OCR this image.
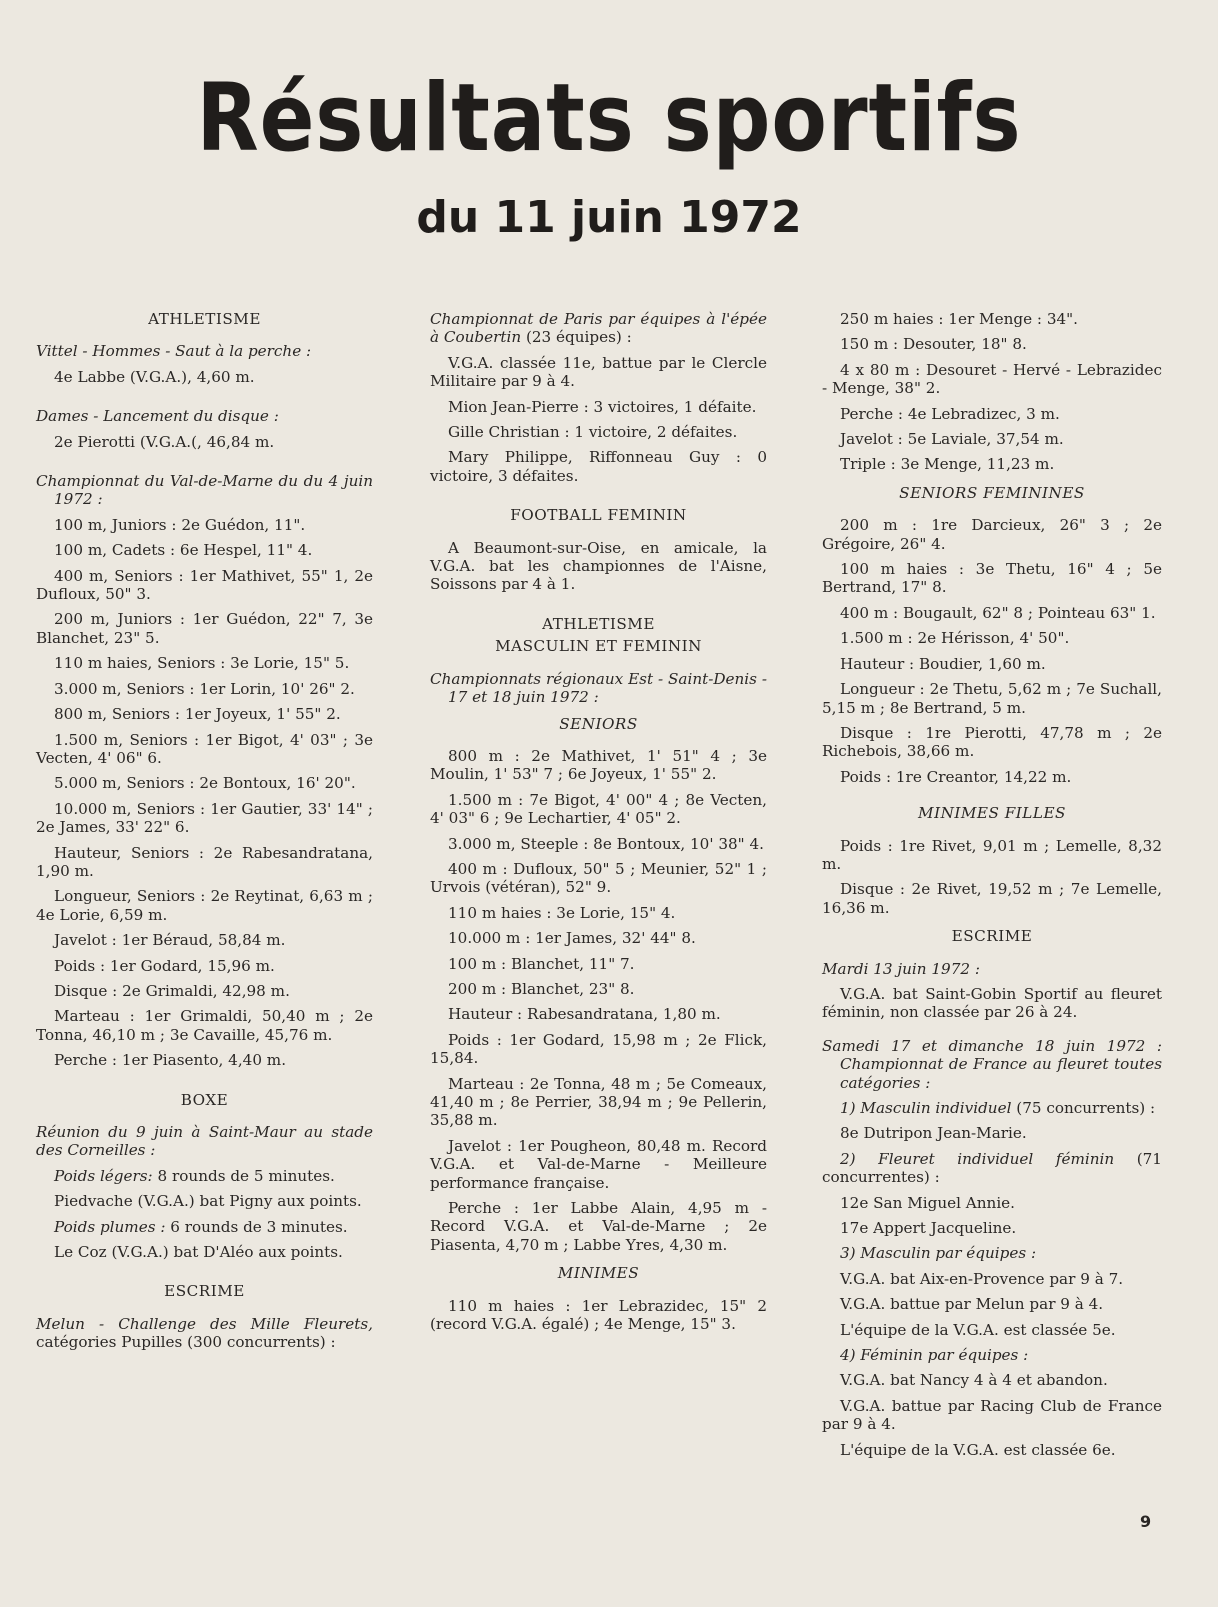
Résultats sportifs
du 11 juin 1972
ATHLETISME
Vittel - Hommes - Saut à la perche :
4e Labbe (V.G.A.), 4,60 m.
Dames - Lancement du disque :
2e Pierotti (V.G.A.(, 46,84 m.
Championnat du Val-de-Marne du du 4 juin 1972 :
100 m, Juniors : 2e Guédon, 11".
100 m, Cadets : 6e Hespel, 11" 4.
400 m, Seniors : 1er Mathivet, 55" 1, 2e Dufloux, 50" 3.
200 m, Juniors : 1er Guédon, 22" 7, 3e Blanchet, 23" 5.
110 m haies, Seniors : 3e Lorie, 15" 5.
3.000 m, Seniors : 1er Lorin, 10' 26" 2.
800 m, Seniors : 1er Joyeux, 1' 55" 2.
1.500 m, Seniors : 1er Bigot, 4' 03" ; 3e Vecten, 4' 06" 6.
5.000 m, Seniors : 2e Bontoux, 16' 20".
10.000 m, Seniors : 1er Gautier, 33' 14" ; 2e James, 33' 22" 6.
Hauteur, Seniors : 2e Rabesandratana, 1,90 m.
Longueur, Seniors : 2e Reytinat, 6,63 m ; 4e Lorie, 6,59 m.
Javelot : 1er Béraud, 58,84 m.
Poids : 1er Godard, 15,96 m.
Disque : 2e Grimaldi, 42,98 m.
Marteau : 1er Grimaldi, 50,40 m ; 2e Tonna, 46,10 m ; 3e Cavaille, 45,76 m.
Perche : 1er Piasento, 4,40 m.
BOXE
Réunion du 9 juin à Saint-Maur au stade des Corneilles :
Poids légers: 8 rounds de 5 minutes.
Piedvache (V.G.A.) bat Pigny aux points.
Poids plumes : 6 rounds de 3 minutes.
Le Coz (V.G.A.) bat D'Aléo aux points.
ESCRIME
Melun - Challenge des Mille Fleurets, catégories Pupilles (300 concurrents) :
Championnat de Paris par équipes à l'épée à Coubertin (23 équipes) :
V.G.A. classée 11e, battue par le Clercle Militaire par 9 à 4.
Mion Jean-Pierre : 3 victoires, 1 défaite.
Gille Christian : 1 victoire, 2 défaites.
Mary Philippe, Riffonneau Guy : 0 victoire, 3 défaites.
FOOTBALL FEMININ
A Beaumont-sur-Oise, en amicale, la V.G.A. bat les championnes de l'Aisne, Soissons par 4 à 1.
ATHLETISME
MASCULIN ET FEMININ
Championnats régionaux Est - Saint-Denis - 17 et 18 juin 1972 :
SENIORS
800 m : 2e Mathivet, 1' 51" 4 ; 3e Moulin, 1' 53" 7 ; 6e Joyeux, 1' 55" 2.
1.500 m : 7e Bigot, 4' 00" 4 ; 8e Vecten, 4' 03" 6 ; 9e Lechartier, 4' 05" 2.
3.000 m, Steeple : 8e Bontoux, 10' 38" 4.
400 m : Dufloux, 50" 5 ; Meunier, 52" 1 ; Urvois (vétéran), 52" 9.
110 m haies : 3e Lorie, 15" 4.
10.000 m : 1er James, 32' 44" 8.
100 m : Blanchet, 11" 7.
200 m : Blanchet, 23" 8.
Hauteur : Rabesandratana, 1,80 m.
Poids : 1er Godard, 15,98 m ; 2e Flick, 15,84.
Marteau : 2e Tonna, 48 m ; 5e Comeaux, 41,40 m ; 8e Perrier, 38,94 m ; 9e Pellerin, 35,88 m.
Javelot : 1er Pougheon, 80,48 m. Record V.G.A. et Val-de-Marne - Meilleure performance française.
Perche : 1er Labbe Alain, 4,95 m - Record V.G.A. et Val-de-Marne ; 2e Piasenta, 4,70 m ; Labbe Yres, 4,30 m.
MINIMES
110 m haies : 1er Lebrazidec, 15" 2 (record V.G.A. égalé) ; 4e Menge, 15" 3.
250 m haies : 1er Menge : 34".
150 m : Desouter, 18" 8.
4 x 80 m : Desouret - Hervé - Lebrazidec - Menge, 38" 2.
Perche : 4e Lebradizec, 3 m.
Javelot : 5e Laviale, 37,54 m.
Triple : 3e Menge, 11,23 m.
SENIORS FEMININES
200 m : 1re Darcieux, 26" 3 ; 2e Grégoire, 26" 4.
100 m haies : 3e Thetu, 16" 4 ; 5e Bertrand, 17" 8.
400 m : Bougault, 62" 8 ; Pointeau 63" 1.
1.500 m : 2e Hérisson, 4' 50".
Hauteur : Boudier, 1,60 m.
Longueur : 2e Thetu, 5,62 m ; 7e Suchall, 5,15 m ; 8e Bertrand, 5 m.
Disque : 1re Pierotti, 47,78 m ; 2e Richebois, 38,66 m.
Poids : 1re Creantor, 14,22 m.
MINIMES FILLES
Poids : 1re Rivet, 9,01 m ; Lemelle, 8,32 m.
Disque : 2e Rivet, 19,52 m ; 7e Lemelle, 16,36 m.
ESCRIME
Mardi 13 juin 1972 :
V.G.A. bat Saint-Gobin Sportif au fleuret féminin, non classée par 26 à 24.
Samedi 17 et dimanche 18 juin 1972 : Championnat de France au fleuret toutes catégories :
1) Masculin individuel (75 concurrents) :
8e Dutripon Jean-Marie.
2) Fleuret individuel féminin (71 concurrentes) :
12e San Miguel Annie.
17e Appert Jacqueline.
3) Masculin par équipes :
V.G.A. bat Aix-en-Provence par 9 à 7.
V.G.A. battue par Melun par 9 à 4.
L'équipe de la V.G.A. est classée 5e.
4) Féminin par équipes :
V.G.A. bat Nancy 4 à 4 et abandon.
V.G.A. battue par Racing Club de France par 9 à 4.
L'équipe de la V.G.A. est classée 6e.
9
